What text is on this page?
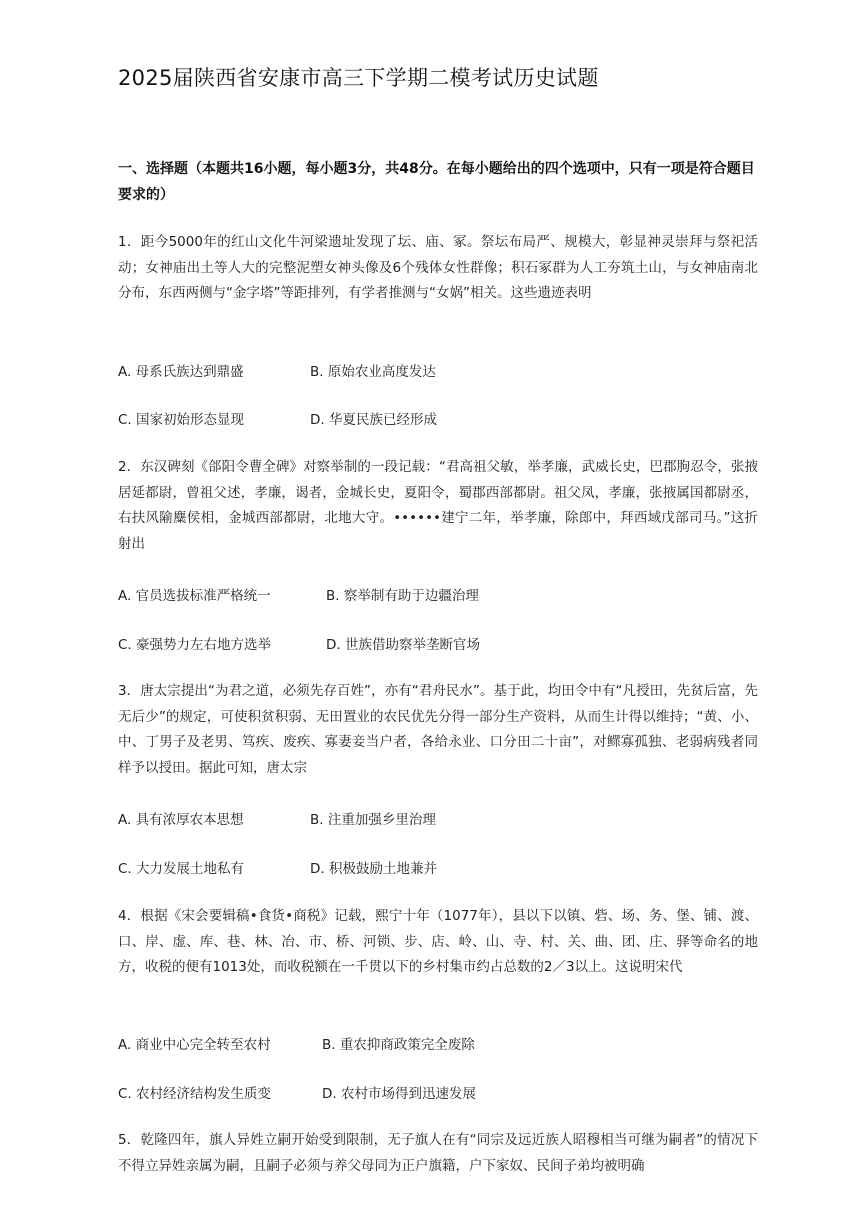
2025届陕西省安康市高三下学期二模考试历史试题
一、选择题（本题共16小题，每小题3分，共48分。在每小题给出的四个选项中，只有一项是符合题目要求的）
1．距今5000年的红山文化牛河梁遗址发现了坛、庙、冢。祭坛布局严、规模大，彰显神灵崇拜与祭祀活动；女神庙出土等人大的完整泥塑女神头像及6个残体女性群像；积石冢群为人工夯筑土山，与女神庙南北分布，东西两侧与“金字塔”等距排列，有学者推测与“女娲”相关。这些遗迹表明
A. 母系氏族达到鼎盛	B. 原始农业高度发达
C. 国家初始形态显现	D. 华夏民族已经形成
2．东汉碑刻《郃阳令曹全碑》对察举制的一段记载：“君高祖父敏，举孝廉，武威长史，巴郡朐忍令，张掖居延都尉，曾祖父述，孝廉，谒者，金城长史，夏阳令，蜀郡西部都尉。祖父凤，孝廉，张掖属国都尉丞，右扶风隃麋侯相，金城西部都尉，北地大守。••••••建宁二年，举孝廉，除郎中，拜西域戊部司马。”这折射出
A. 官员选拔标准严格统一	B. 察举制有助于边疆治理
C. 豪强势力左右地方选举	D. 世族借助察举垄断官场
3．唐太宗提出“为君之道，必须先存百姓”，亦有“君舟民水”。基于此，均田令中有“凡授田，先贫后富，先无后少”的规定，可使积贫积弱、无田置业的农民优先分得一部分生产资料，从而生计得以维持；“黄、小、中、丁男子及老男、笃疾、废疾、寡妻妾当户者，各给永业、口分田二十亩”，对鳏寡孤独、老弱病残者同样予以授田。据此可知，唐太宗
A. 具有浓厚农本思想	B. 注重加强乡里治理
C. 大力发展土地私有	D. 积极鼓励土地兼并
4．根据《宋会要辑稿•食货•商税》记载，熙宁十年（1077年），县以下以镇、砦、场、务、堡、铺、渡、口、岸、虚、库、巷、林、冶、市、桥、河锁、步、店、岭、山、寺、村、关、曲、团、庄、驿等命名的地方，收税的便有1013处，而收税额在一千贯以下的乡村集市约占总数的2／3以上。这说明宋代
A. 商业中心完全转至农村	B. 重农抑商政策完全废除
C. 农村经济结构发生质变	D. 农村市场得到迅速发展
5．乾隆四年，旗人异姓立嗣开始受到限制，无子旗人在有“同宗及远近族人昭穆相当可继为嗣者”的情况下不得立异姓亲属为嗣，且嗣子必须与养父母同为正户旗籍，户下家奴、民间子弟均被明确
